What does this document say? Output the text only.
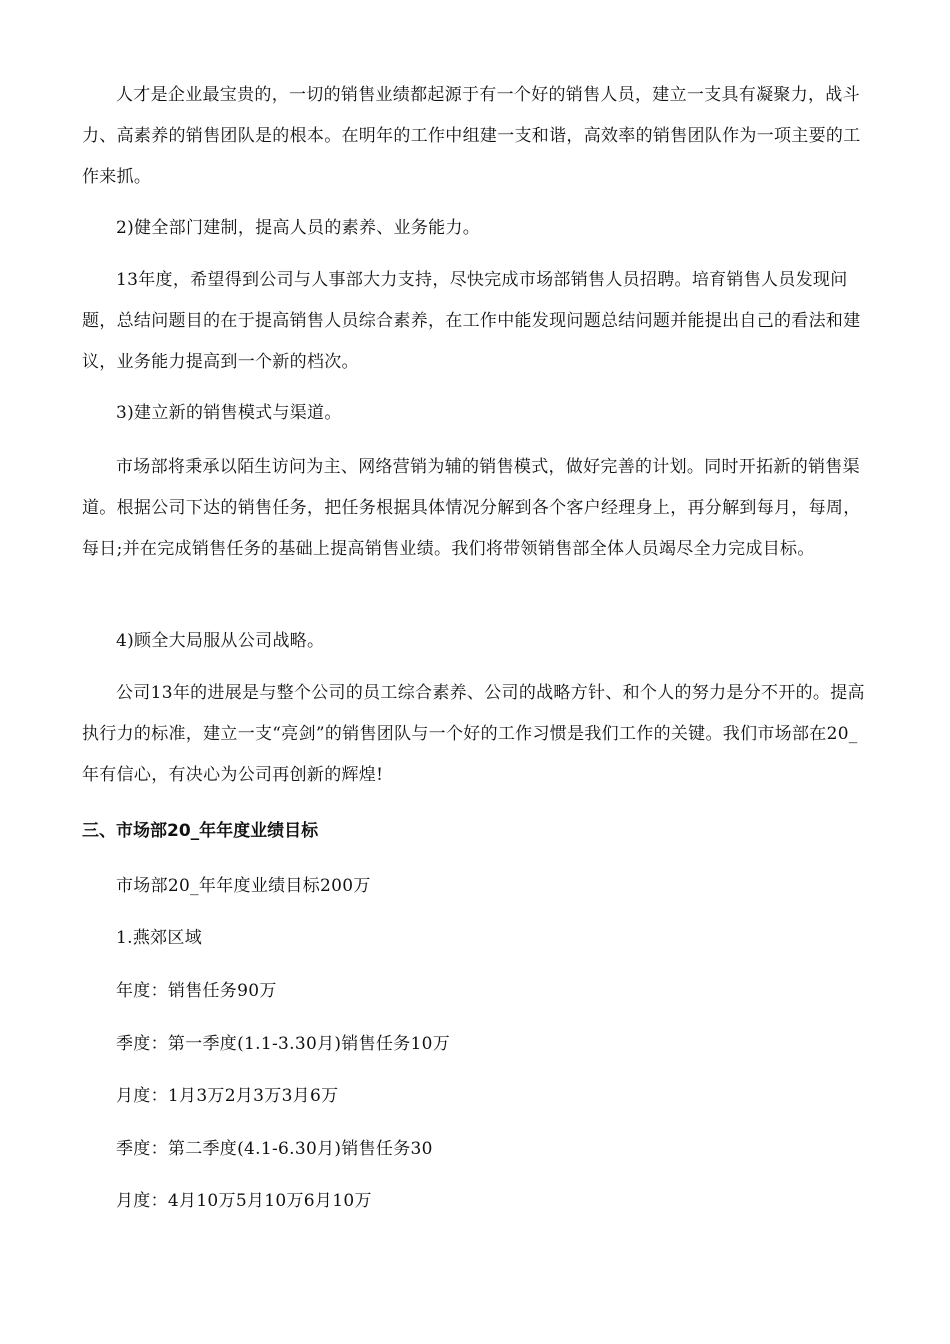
人才是企业最宝贵的，一切的销售业绩都起源于有一个好的销售人员，建立一支具有凝聚力，战斗力、高素养的销售团队是的根本。在明年的工作中组建一支和谐，高效率的销售团队作为一项主要的工作来抓。

2)健全部门建制，提高人员的素养、业务能力。

13年度，希望得到公司与人事部大力支持，尽快完成市场部销售人员招聘。培育销售人员发现问题，总结问题目的在于提高销售人员综合素养，在工作中能发现问题总结问题并能提出自己的看法和建议，业务能力提高到一个新的档次。

3)建立新的销售模式与渠道。

市场部将秉承以陌生访问为主、网络营销为辅的销售模式，做好完善的计划。同时开拓新的销售渠道。根据公司下达的销售任务，把任务根据具体情况分解到各个客户经理身上，再分解到每月，每周，每日;并在完成销售任务的基础上提高销售业绩。我们将带领销售部全体人员竭尽全力完成目标。

4)顾全大局服从公司战略。

公司13年的进展是与整个公司的员工综合素养、公司的战略方针、和个人的努力是分不开的。提高执行力的标准，建立一支“亮剑”的销售团队与一个好的工作习惯是我们工作的关键。我们市场部在20_年有信心，有决心为公司再创新的辉煌!

三、市场部20_年年度业绩目标

市场部20_年年度业绩目标200万

1.燕郊区域

年度：销售任务90万

季度：第一季度(1.1-3.30月)销售任务10万

月度：1月3万2月3万3月6万

季度：第二季度(4.1-6.30月)销售任务30

月度：4月10万5月10万6月10万
